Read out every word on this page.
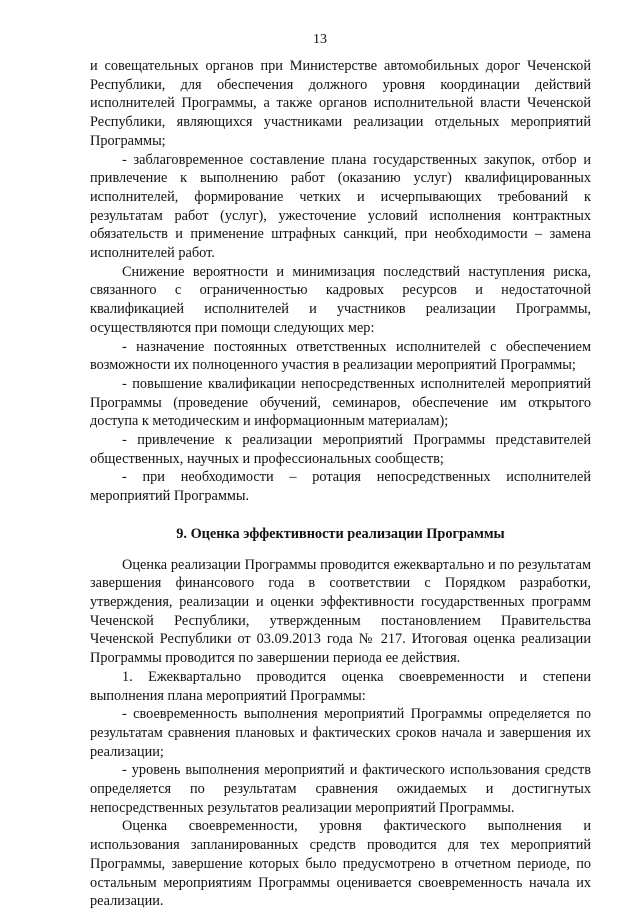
13

и совещательных органов при Министерстве автомобильных дорог Чеченской Республики, для обеспечения должного уровня координации действий исполнителей Программы, а также органов исполнительной власти Чеченской Республики, являющихся участниками реализации отдельных мероприятий Программы;

- заблаговременное составление плана государственных закупок, отбор и привлечение к выполнению работ (оказанию услуг) квалифицированных исполнителей, формирование четких и исчерпывающих требований к результатам работ (услуг), ужесточение условий исполнения контрактных обязательств и применение штрафных санкций, при необходимости – замена исполнителей работ.

Снижение вероятности и минимизация последствий наступления риска, связанного с ограниченностью кадровых ресурсов и недостаточной квалификацией исполнителей и участников реализации Программы, осуществляются при помощи следующих мер:

- назначение постоянных ответственных исполнителей с обеспечением возможности их полноценного участия в реализации мероприятий Программы;

- повышение квалификации непосредственных исполнителей мероприятий Программы (проведение обучений, семинаров, обеспечение им открытого доступа к методическим и информационным материалам);

- привлечение к реализации мероприятий Программы представителей общественных, научных и профессиональных сообществ;

- при необходимости – ротация непосредственных исполнителей мероприятий Программы.

9. Оценка эффективности реализации Программы

Оценка реализации Программы проводится ежеквартально и по результатам завершения финансового года в соответствии с Порядком разработки, утверждения, реализации и оценки эффективности государственных программ Чеченской Республики, утвержденным постановлением Правительства Чеченской Республики от 03.09.2013 года № 217. Итоговая оценка реализации Программы проводится по завершении периода ее действия.

1. Ежеквартально проводится оценка своевременности и степени выполнения плана мероприятий Программы:

- своевременность выполнения мероприятий Программы определяется по результатам сравнения плановых и фактических сроков начала и завершения их реализации;

- уровень выполнения мероприятий и фактического использования средств определяется по результатам сравнения ожидаемых и достигнутых непосредственных результатов реализации мероприятий Программы.

Оценка своевременности, уровня фактического выполнения и использования запланированных средств проводится для тех мероприятий Программы, завершение которых было предусмотрено в отчетном периоде, по остальным мероприятиям Программы оценивается своевременность начала их реализации.
